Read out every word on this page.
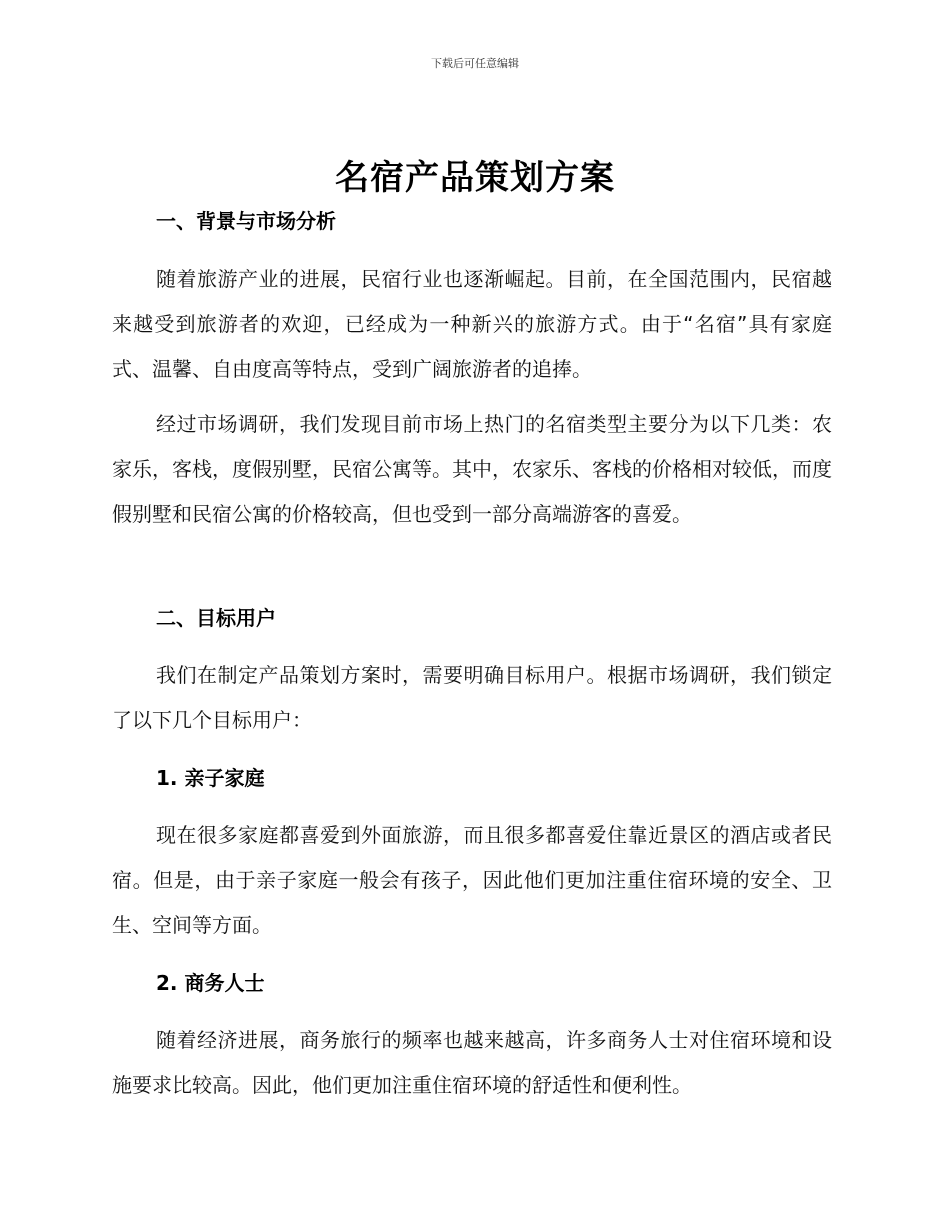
下载后可任意编辑
名宿产品策划方案
一、背景与市场分析

随着旅游产业的进展，民宿行业也逐渐崛起。目前，在全国范围内，民宿越来越受到旅游者的欢迎，已经成为一种新兴的旅游方式。由于“名宿”具有家庭式、温馨、自由度高等特点，受到广阔旅游者的追捧。

经过市场调研，我们发现目前市场上热门的名宿类型主要分为以下几类：农家乐，客栈，度假别墅，民宿公寓等。其中，农家乐、客栈的价格相对较低，而度假别墅和民宿公寓的价格较高，但也受到一部分高端游客的喜爱。

二、目标用户

我们在制定产品策划方案时，需要明确目标用户。根据市场调研，我们锁定了以下几个目标用户：

1. 亲子家庭

现在很多家庭都喜爱到外面旅游，而且很多都喜爱住靠近景区的酒店或者民宿。但是，由于亲子家庭一般会有孩子，因此他们更加注重住宿环境的安全、卫生、空间等方面。

2. 商务人士

随着经济进展，商务旅行的频率也越来越高，许多商务人士对住宿环境和设施要求比较高。因此，他们更加注重住宿环境的舒适性和便利性。
